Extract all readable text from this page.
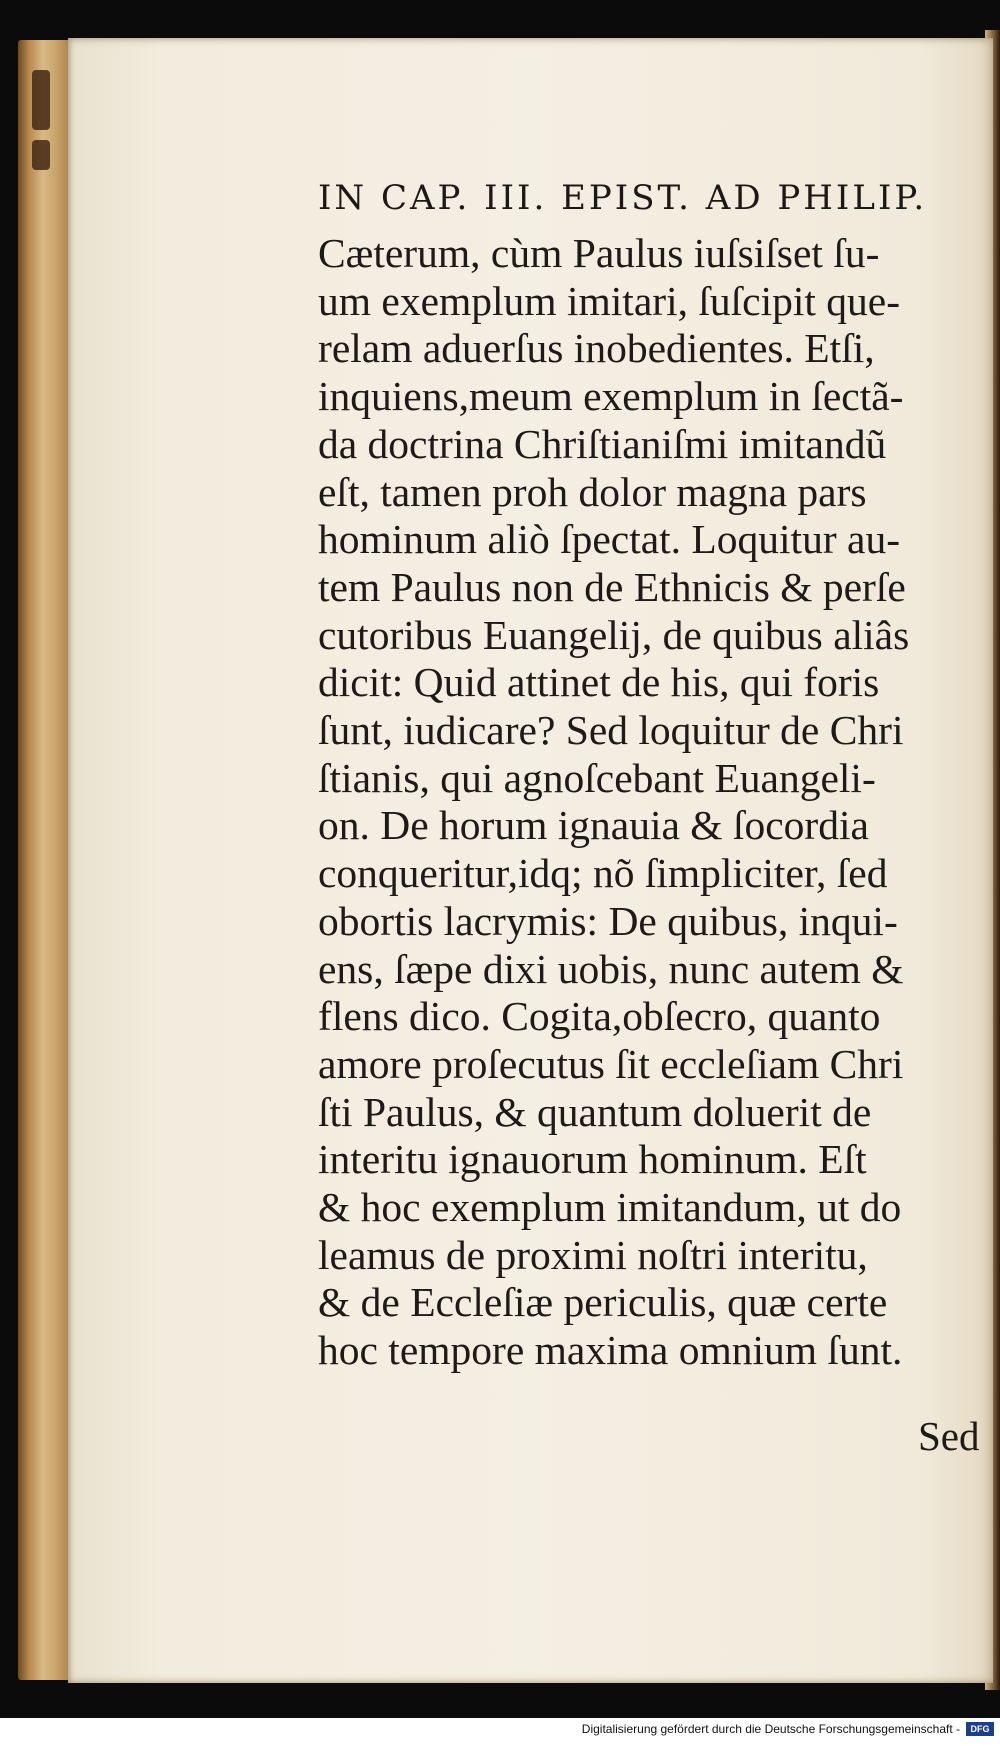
IN CAP. III. EPIST. AD PHILIP.
Cæterum, cùm Paulus iuſsiſset ſu-
um exemplum imitari, ſuſcipit que-
relam aduerſus inobedientes. Etſi,
inquiens,meum exemplum in ſectã-
da doctrina Chriſtianiſmi imitandũ
eſt, tamen proh dolor magna pars
hominum aliò ſpectat. Loquitur au-
tem Paulus non de Ethnicis & perſe
cutoribus Euangelij, de quibus aliâs
dicit: Quid attinet de his, qui foris
ſunt, iudicare? Sed loquitur de Chri
ſtianis, qui agnoſcebant Euangeli-
on. De horum ignauia & ſocordia
conqueritur,idq; nõ ſimpliciter, ſed
obortis lacrymis: De quibus, inqui-
ens, ſæpe dixi uobis, nunc autem &
flens dico. Cogita,obſecro, quanto
amore proſecutus ſit eccleſiam Chri
ſti Paulus, & quantum doluerit de
interitu ignauorum hominum. Eſt
& hoc exemplum imitandum, ut do
leamus de proximi noſtri interitu,
& de Eccleſiæ periculis, quæ certe
hoc tempore maxima omnium ſunt.
Sed
Digitalisierung gefördert durch die Deutsche Forschungsgemeinschaft -	DFG
